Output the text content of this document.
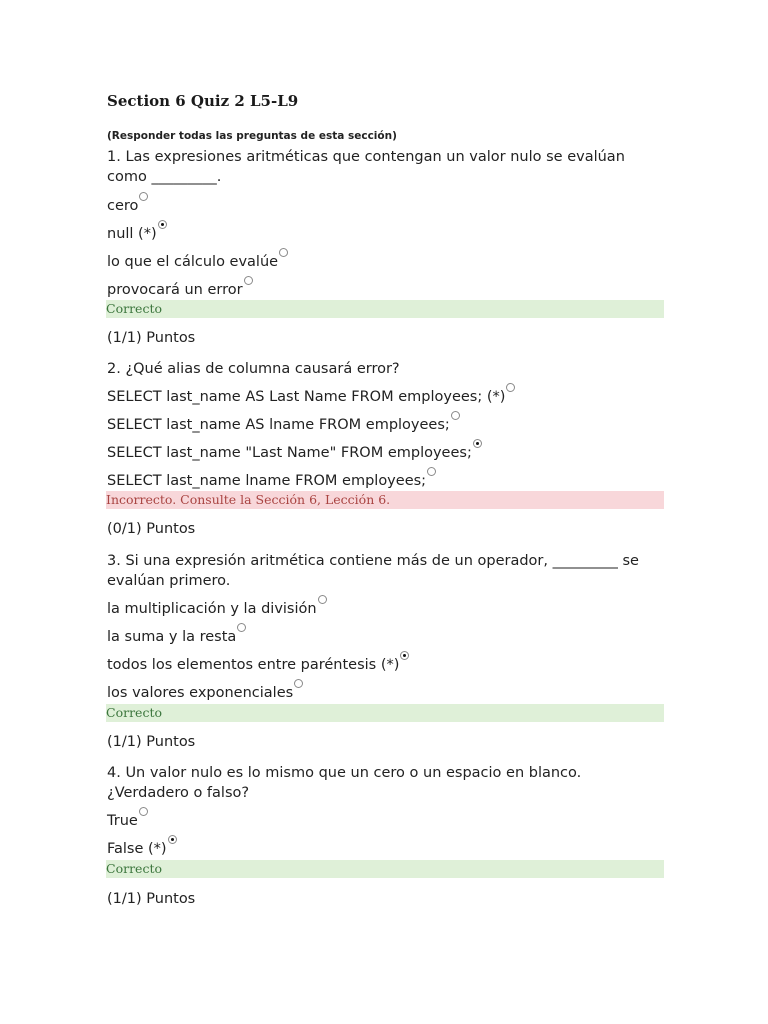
Section 6 Quiz 2 L5-L9
(Responder todas las preguntas de esta sección)
1. Las expresiones aritméticas que contengan un valor nulo se evalúan como _________.
cero
null (*)
lo que el cálculo evalúe
provocará un error
Correcto
(1/1) Puntos
2. ¿Qué alias de columna causará error?
SELECT last_name AS Last Name FROM employees; (*)
SELECT last_name AS lname FROM employees;
SELECT last_name "Last Name" FROM employees;
SELECT last_name lname FROM employees;
Incorrecto. Consulte la Sección 6, Lección 6.
(0/1) Puntos
3. Si una expresión aritmética contiene más de un operador, _________ se evalúan primero.
la multiplicación y la división
la suma y la resta
todos los elementos entre paréntesis (*)
los valores exponenciales
Correcto
(1/1) Puntos
4. Un valor nulo es lo mismo que un cero o un espacio en blanco. ¿Verdadero o falso?
True
False (*)
Correcto
(1/1) Puntos
